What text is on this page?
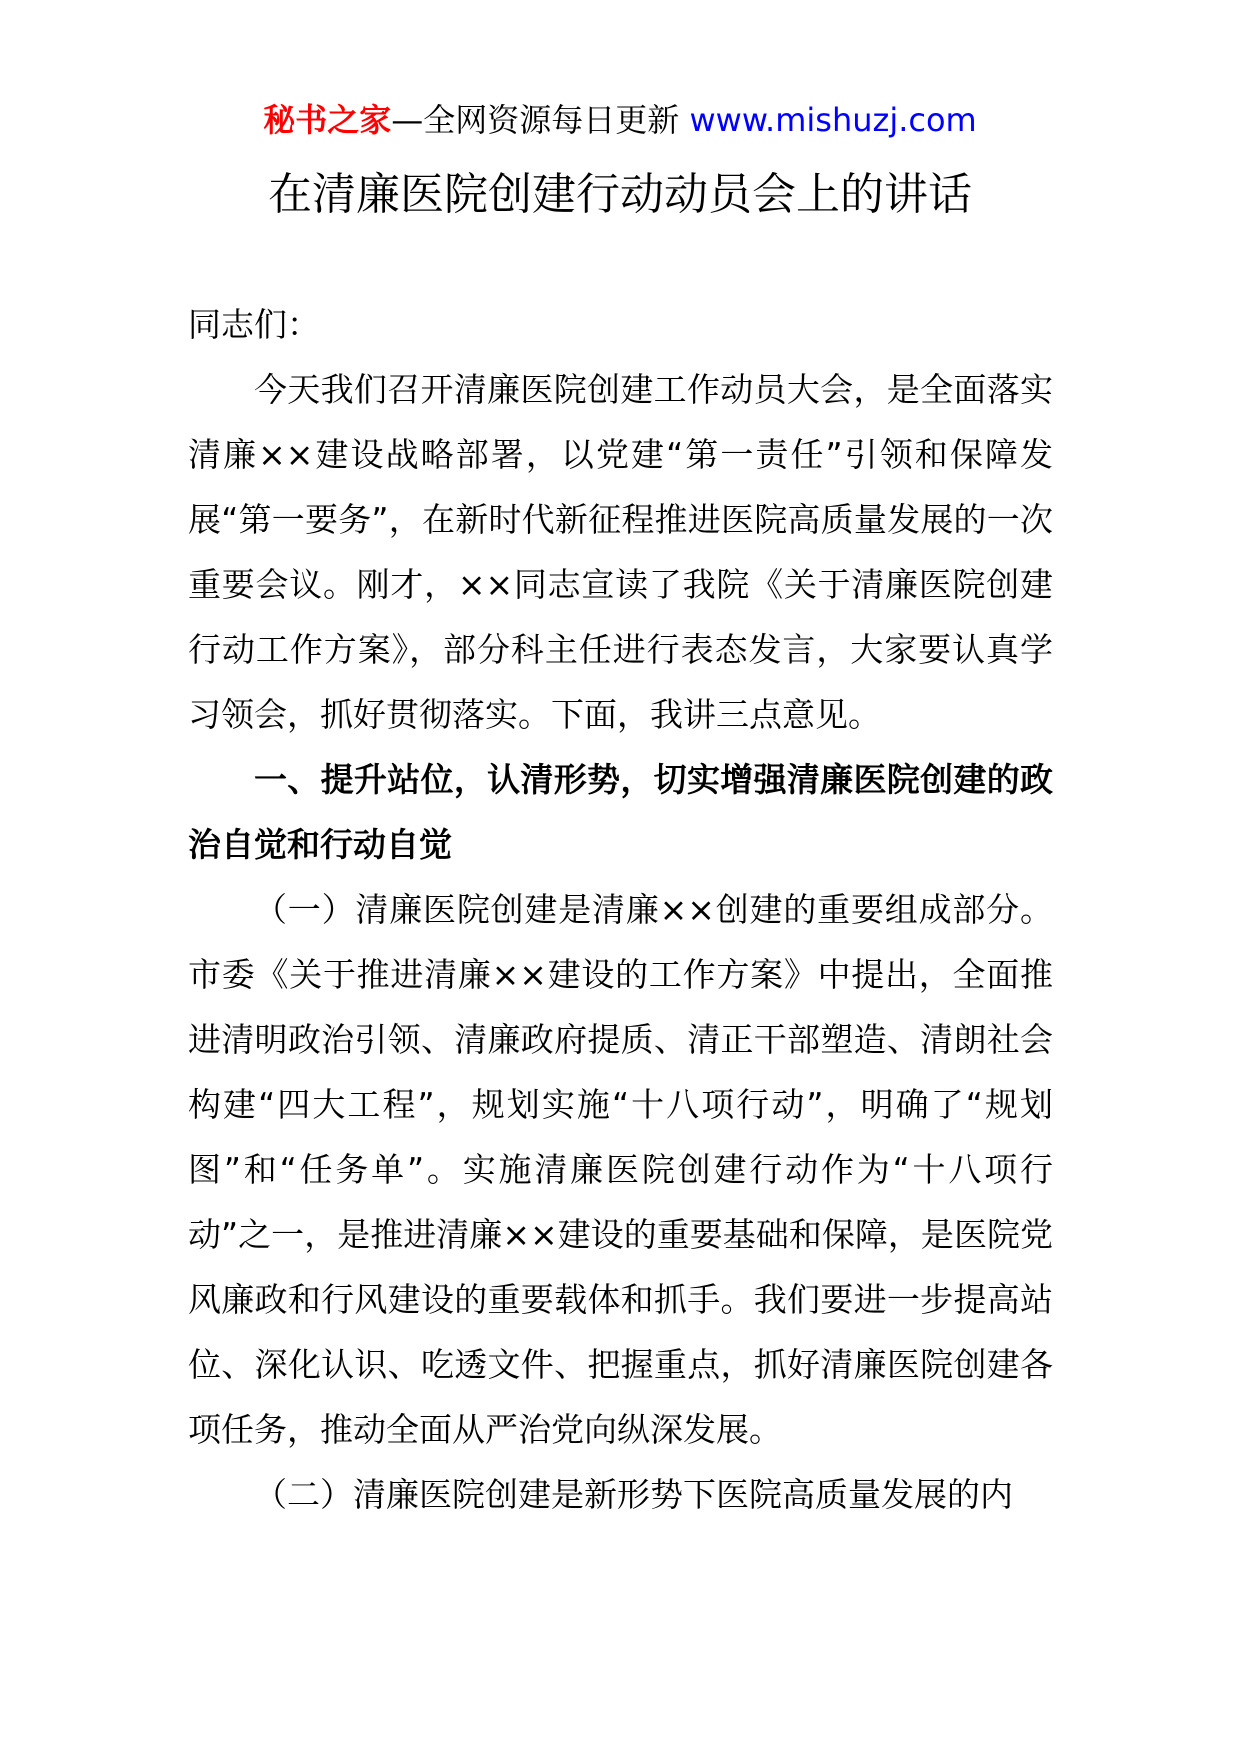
秘书之家—全网资源每日更新 www.mishuzj.com
在清廉医院创建行动动员会上的讲话

同志们：

今天我们召开清廉医院创建工作动员大会，是全面落实清廉××建设战略部署，以党建“第一责任”引领和保障发展“第一要务”，在新时代新征程推进医院高质量发展的一次重要会议。刚才，××同志宣读了我院《关于清廉医院创建行动工作方案》，部分科主任进行表态发言，大家要认真学习领会，抓好贯彻落实。下面，我讲三点意见。

一、提升站位，认清形势，切实增强清廉医院创建的政治自觉和行动自觉

（一）清廉医院创建是清廉××创建的重要组成部分。市委《关于推进清廉××建设的工作方案》中提出，全面推进清明政治引领、清廉政府提质、清正干部塑造、清朗社会构建“四大工程”，规划实施“十八项行动”，明确了“规划图”和“任务单”。实施清廉医院创建行动作为“十八项行动”之一，是推进清廉××建设的重要基础和保障，是医院党风廉政和行风建设的重要载体和抓手。我们要进一步提高站位、深化认识、吃透文件、把握重点，抓好清廉医院创建各项任务，推动全面从严治党向纵深发展。

（二）清廉医院创建是新形势下医院高质量发展的内
